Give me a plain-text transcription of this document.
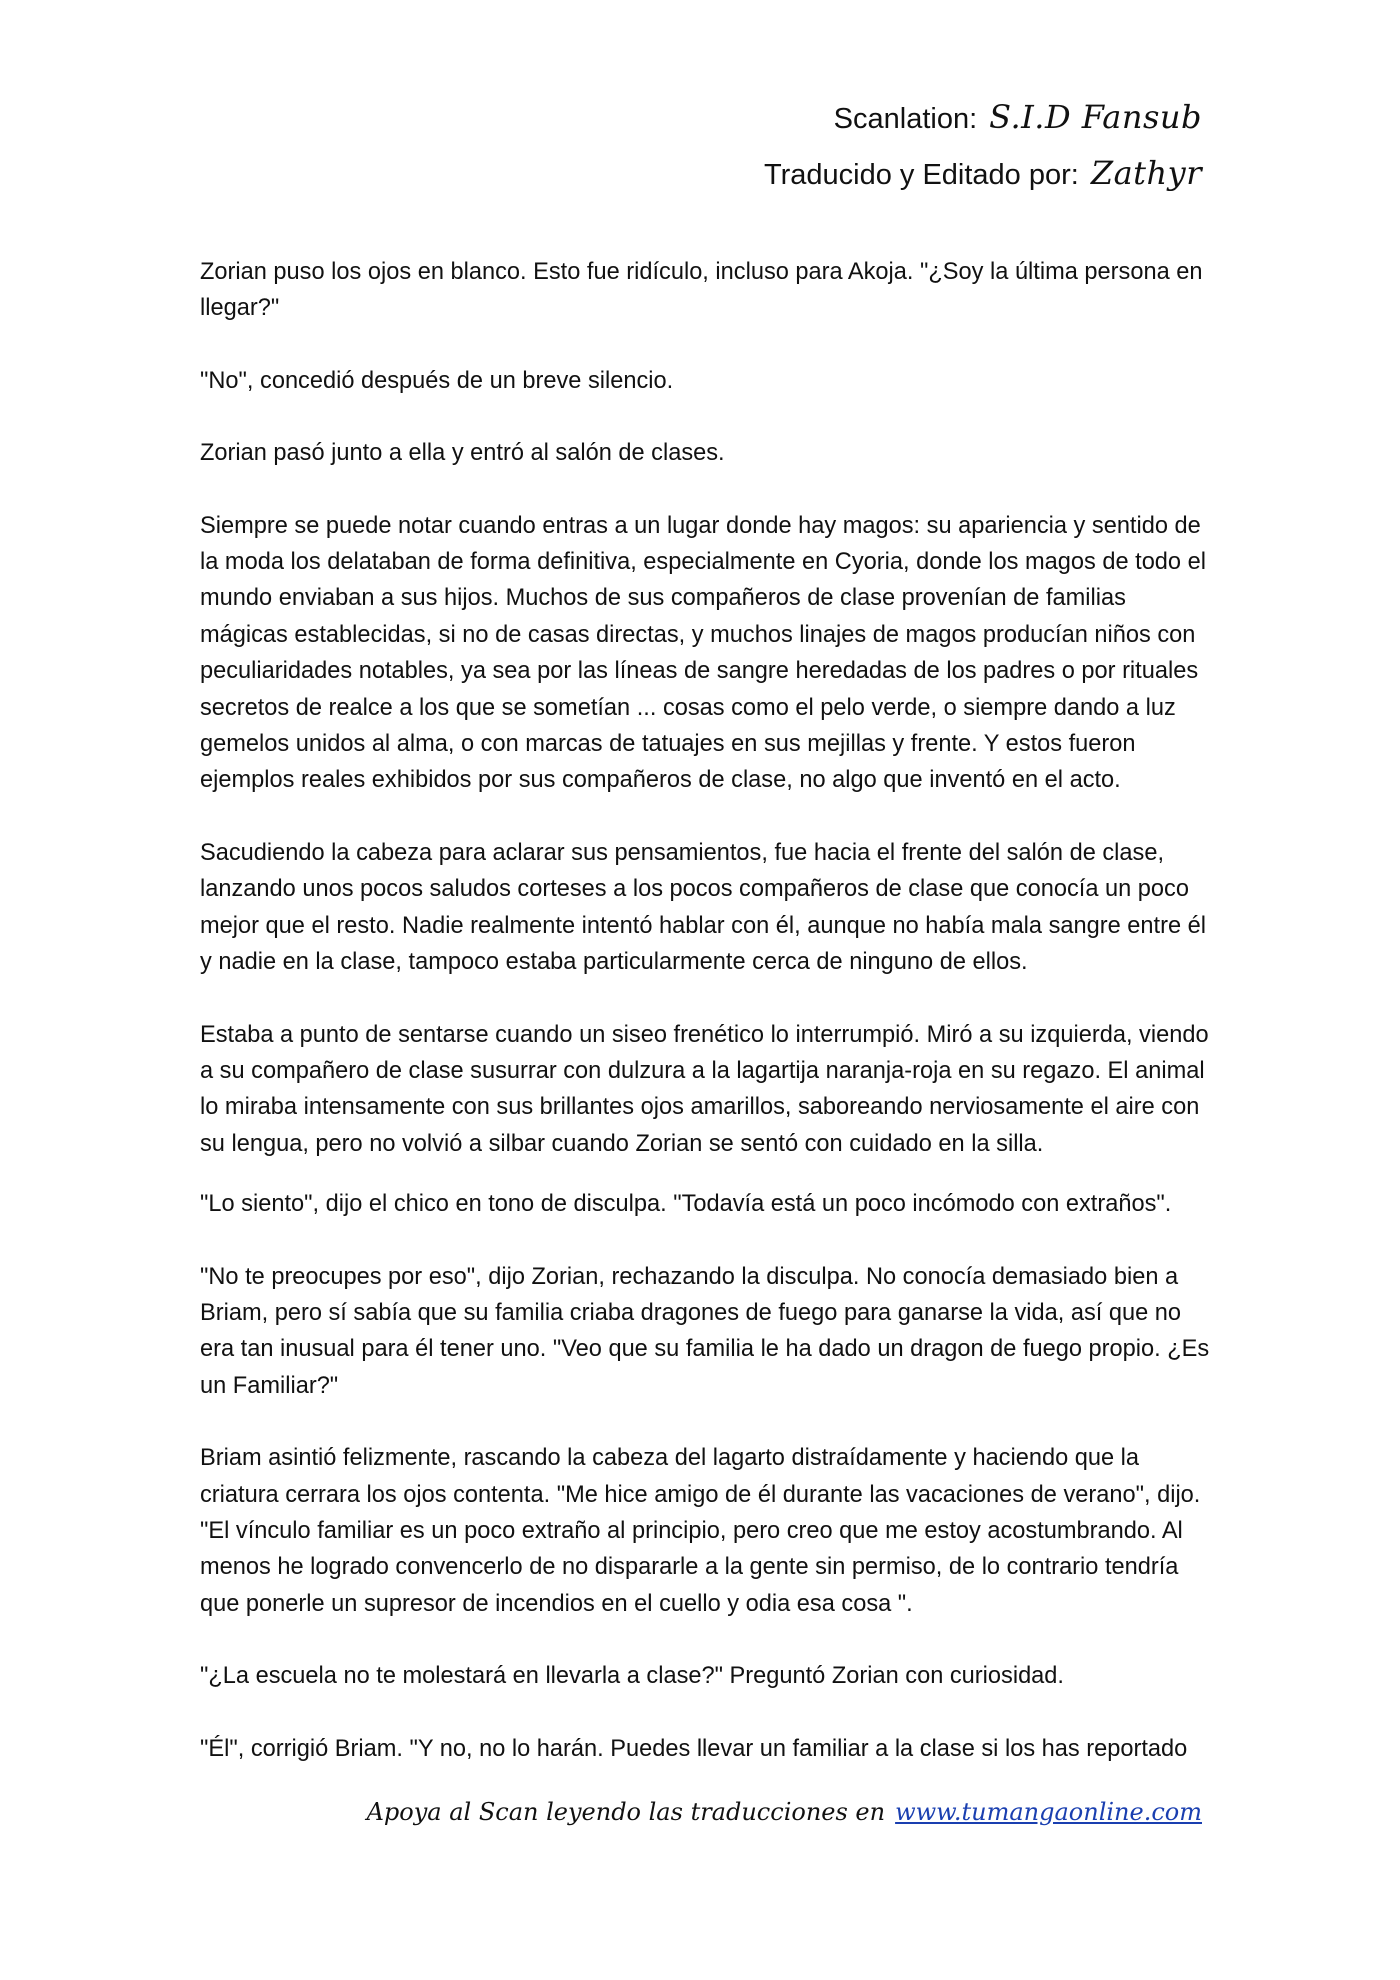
Scanlation: S.I.D Fansub
Traducido y Editado por: Zathyr

Zorian puso los ojos en blanco. Esto fue ridículo, incluso para Akoja. "¿Soy la última persona en llegar?"

"No", concedió después de un breve silencio.

Zorian pasó junto a ella y entró al salón de clases.

Siempre se puede notar cuando entras a un lugar donde hay magos: su apariencia y sentido de la moda los delataban de forma definitiva, especialmente en Cyoria, donde los magos de todo el mundo enviaban a sus hijos. Muchos de sus compañeros de clase provenían de familias mágicas establecidas, si no de casas directas, y muchos linajes de magos producían niños con peculiaridades notables, ya sea por las líneas de sangre heredadas de los padres o por rituales secretos de realce a los que se sometían ... cosas como el pelo verde, o siempre dando a luz gemelos unidos al alma, o con marcas de tatuajes en sus mejillas y frente. Y estos fueron ejemplos reales exhibidos por sus compañeros de clase, no algo que inventó en el acto.

Sacudiendo la cabeza para aclarar sus pensamientos, fue hacia el frente del salón de clase, lanzando unos pocos saludos corteses a los pocos compañeros de clase que conocía un poco mejor que el resto. Nadie realmente intentó hablar con él, aunque no había mala sangre entre él y nadie en la clase, tampoco estaba particularmente cerca de ninguno de ellos.

Estaba a punto de sentarse cuando un siseo frenético lo interrumpió. Miró a su izquierda, viendo a su compañero de clase susurrar con dulzura a la lagartija naranja-roja en su regazo. El animal lo miraba intensamente con sus brillantes ojos amarillos, saboreando nerviosamente el aire con su lengua, pero no volvió a silbar cuando Zorian se sentó con cuidado en la silla.

"Lo siento", dijo el chico en tono de disculpa. "Todavía está un poco incómodo con extraños".

"No te preocupes por eso", dijo Zorian, rechazando la disculpa. No conocía demasiado bien a Briam, pero sí sabía que su familia criaba dragones de fuego para ganarse la vida, así que no era tan inusual para él tener uno. "Veo que su familia le ha dado un dragon de fuego propio. ¿Es un Familiar?"

Briam asintió felizmente, rascando la cabeza del lagarto distraídamente y haciendo que la criatura cerrara los ojos contenta. "Me hice amigo de él durante las vacaciones de verano", dijo. "El vínculo familiar es un poco extraño al principio, pero creo que me estoy acostumbrando. Al menos he logrado convencerlo de no dispararle a la gente sin permiso, de lo contrario tendría que ponerle un supresor de incendios en el cuello y odia esa cosa ".

"¿La escuela no te molestará en llevarla a clase?" Preguntó Zorian con curiosidad.

"Él", corrigió Briam. "Y no, no lo harán. Puedes llevar un familiar a la clase si los has reportado

Apoya al Scan leyendo las traducciones en www.tumangaonline.com
